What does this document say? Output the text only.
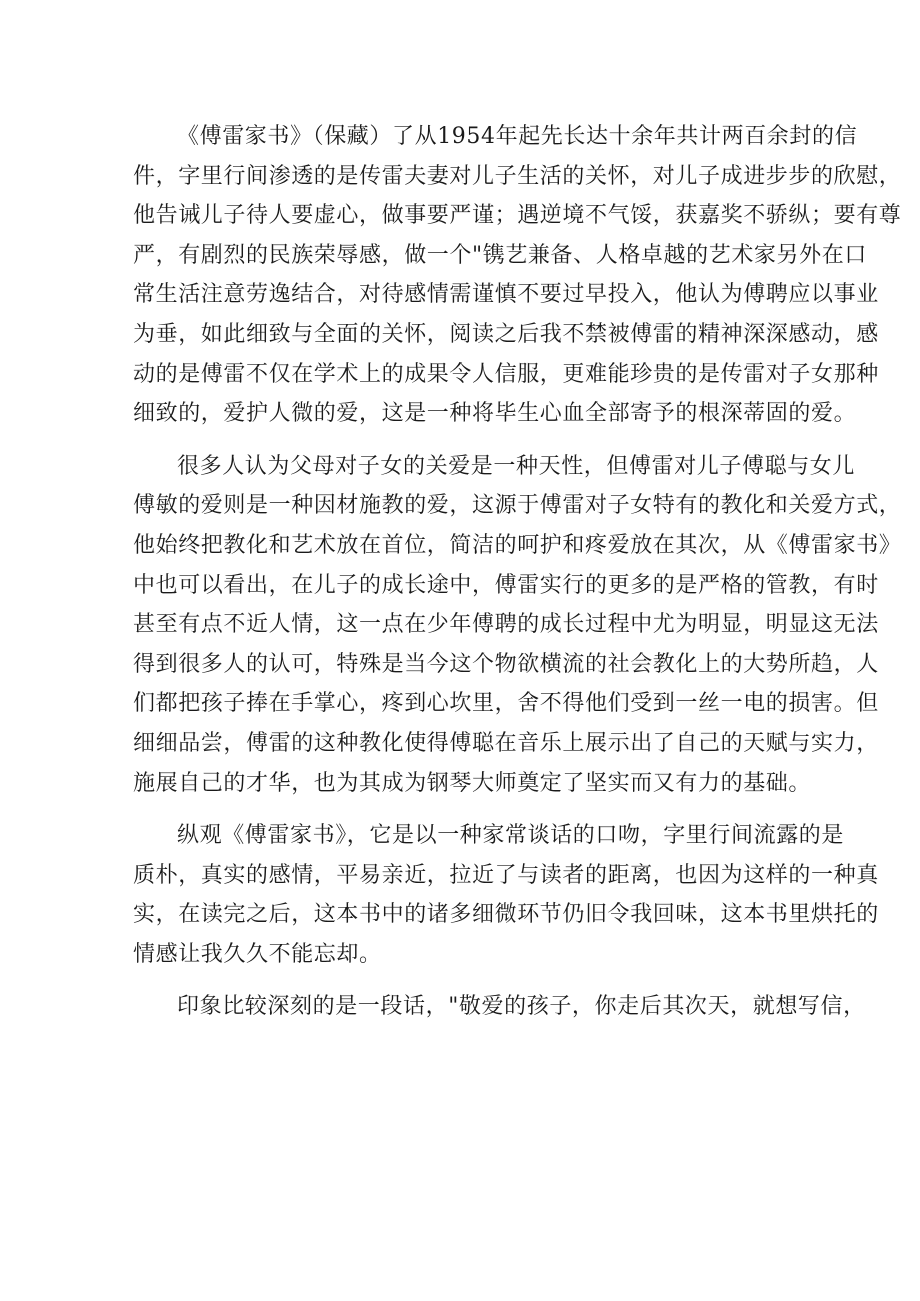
《傅雷家书》（保藏）了从1954年起先长达十余年共计两百余封的信
件，字里行间渗透的是传雷夫妻对儿子生活的关怀，对儿子成进步步的欣慰，
他告诫儿子待人要虚心，做事要严谨；遇逆境不气馁，获嘉奖不骄纵；要有尊
严，有剧烈的民族荣辱感，做一个"镌艺兼备、人格卓越的艺术家另外在口
常生活注意劳逸结合，对待感情需谨慎不要过早投入，他认为傅聘应以事业
为垂，如此细致与全面的关怀，阅读之后我不禁被傅雷的精神深深感动，感
动的是傅雷不仅在学术上的成果令人信服，更难能珍贵的是传雷对子女那种
细致的，爱护人微的爱，这是一种将毕生心血全部寄予的根深蒂固的爱。

很多人认为父母对子女的关爱是一种天性，但傅雷对儿子傅聪与女儿
傅敏的爱则是一种因材施教的爱，这源于傅雷对子女特有的教化和关爱方式，
他始终把教化和艺术放在首位，简洁的呵护和疼爱放在其次，从《傅雷家书》
中也可以看出，在儿子的成长途中，傅雷实行的更多的是严格的管教，有时
甚至有点不近人情，这一点在少年傅聘的成长过程中尤为明显，明显这无法
得到很多人的认可，特殊是当今这个物欲横流的社会教化上的大势所趋，人
们都把孩子捧在手掌心，疼到心坎里，舍不得他们受到一丝一电的损害。但
细细品尝，傅雷的这种教化使得傅聪在音乐上展示出了自己的天赋与实力，
施展自己的才华，也为其成为钢琴大师奠定了坚实而又有力的基础。

纵观《傅雷家书》，它是以一种家常谈话的口吻，字里行间流露的是
质朴，真实的感情，平易亲近，拉近了与读者的距离，也因为这样的一种真
实，在读完之后，这本书中的诸多细微环节仍旧令我回味，这本书里烘托的
情感让我久久不能忘却。

印象比较深刻的是一段话，"敬爱的孩子，你走后其次天，就想写信，
